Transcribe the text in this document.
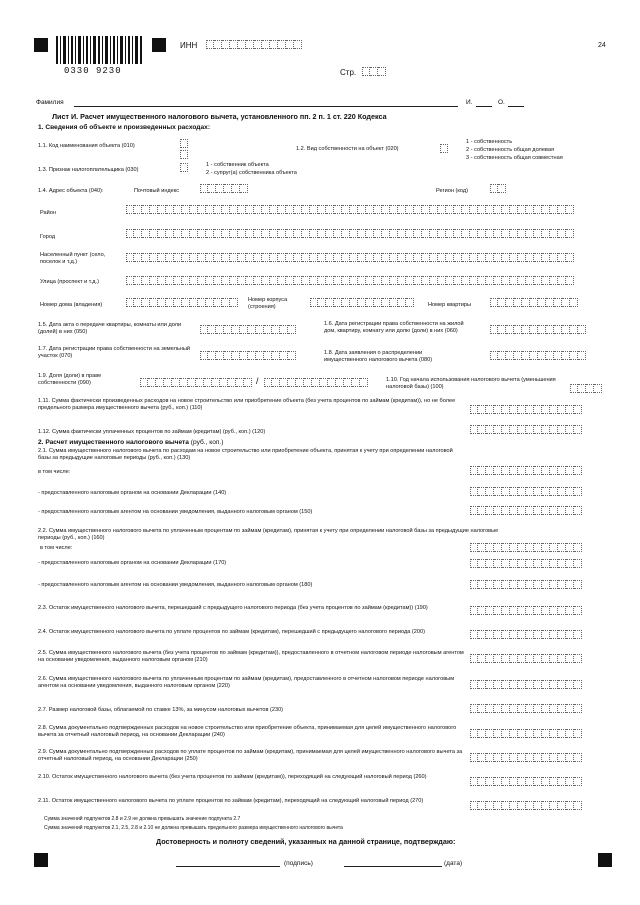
0330 9230
ИНН	24
Стр.
Фамилия	И.	О.
Лист И. Расчет имущественного налогового вычета, установленного пп. 2 п. 1 ст. 220 Кодекса
1. Сведения об объекте и произведенных расходах:
1.1. Код наименования объекта (010)	1.2. Вид собственности на объект (020)
1 - собственность
2 - собственность общая долевая
3 - собственность общая совместная
1.3. Признак налогоплательщика (030)
1 - собственник объекта
2 - супруг(а) собственника объекта
1.4. Адрес объекта (040):	Почтовый индекс	Регион (код)
Район
Город
Населенный пункт (село, поселок и т.д.)
Улица (проспект и т.д.)
Номер дома (владения)
Номер корпуса (строения)	Номер квартиры
1.5. Дата акта о передаче квартиры, комнаты или доли (долей) в них (050)
1.6. Дата регистрации права собственности на жилой дом, квартиру, комнату или долю (доли) в них (060)
1.7. Дата регистрации права собственности на земельный участок (070)	1.8. Дата заявления о распределении имущественного налогового вычета (080)
1.9. Доля (доли) в праве собственности (090)	/	1.10. Год начала использования налогового вычета (уменьшения налоговой базы) (100)
1.11. Сумма фактически произведенных расходов на новое строительство или приобретение объекта (без учета процентов по займам (кредитам)), но не более предельного размера имущественного вычета (руб., коп.) (110)
1.12. Сумма фактически уплаченных процентов по займам (кредитам) (руб., коп.) (120)
2. Расчет имущественного налогового вычета (руб., коп.)
2.1. Сумма имущественного налогового вычета по расходам на новое строительство или приобретение объекта, принятая к учету при определении налоговой базы за предыдущие налоговые периоды (руб., коп.) (130)
в том числе:
- предоставленного налоговым органом на основании Декларации (140)
- предоставленного налоговым агентом на основании уведомления, выданного налоговым органом (150)
2.2. Сумма имущественного налогового вычета по уплаченным процентам по займам (кредитам), принятая к учету при определении налоговой базы за предыдущие налоговые периоды (руб., коп.) (160)
в том числе:
- предоставленного налоговым органом на основании Декларации (170)
- предоставленного налоговым агентом на основании уведомления, выданного налоговым органом (180)
2.3. Остаток имущественного налогового вычета, перешедший с предыдущего налогового периода (без учета процентов по займам (кредитам)) (190)
2.4. Остаток имущественного налогового вычета по уплате процентов по займам (кредитам), перешедший с предыдущего налогового периода (200)
2.5. Сумма имущественного налогового вычета (без учета процентов по займам (кредитам)), предоставленного в отчетном налоговом периоде налоговым агентом на основании уведомления, выданного налоговым органом (210)
2.6. Сумма имущественного налогового вычета по уплаченным процентам по займам (кредитам), предоставленного в отчетном налоговом периоде налоговым агентом на основании уведомления, выданного налоговым органом (220)
2.7. Размер налоговой базы, облагаемой по ставке 13%, за минусом налоговых вычетов (230)
2.8. Сумма документально подтвержденных расходов на новое строительство или приобретение объекта, принимаемая для целей имущественного налогового вычета за отчетный налоговый период, на основании Декларации (240)
2.9. Сумма документально подтвержденных расходов по уплате процентов по займам (кредитам), принимаемая для целей имущественного налогового вычета за отчетный налоговый период, на основании Декларации (250)
2.10. Остаток имущественного налогового вычета (без учета процентов по займам (кредитам)), переходящий на следующий налоговый период (260)
2.11. Остаток имущественного налогового вычета по уплате процентов по займам (кредитам), переходящий на следующий налоговый период (270)
Сумма значений подпунктов 2.8 и 2.9 не должна превышать значение подпункта 2.7
Сумма значений подпунктов 2.1, 2.5, 2.8 и 2.10 не должна превышать предельного размера имущественного налогового вычета
Достоверность и полноту сведений, указанных на данной странице, подтверждаю:
(подпись)	(дата)
